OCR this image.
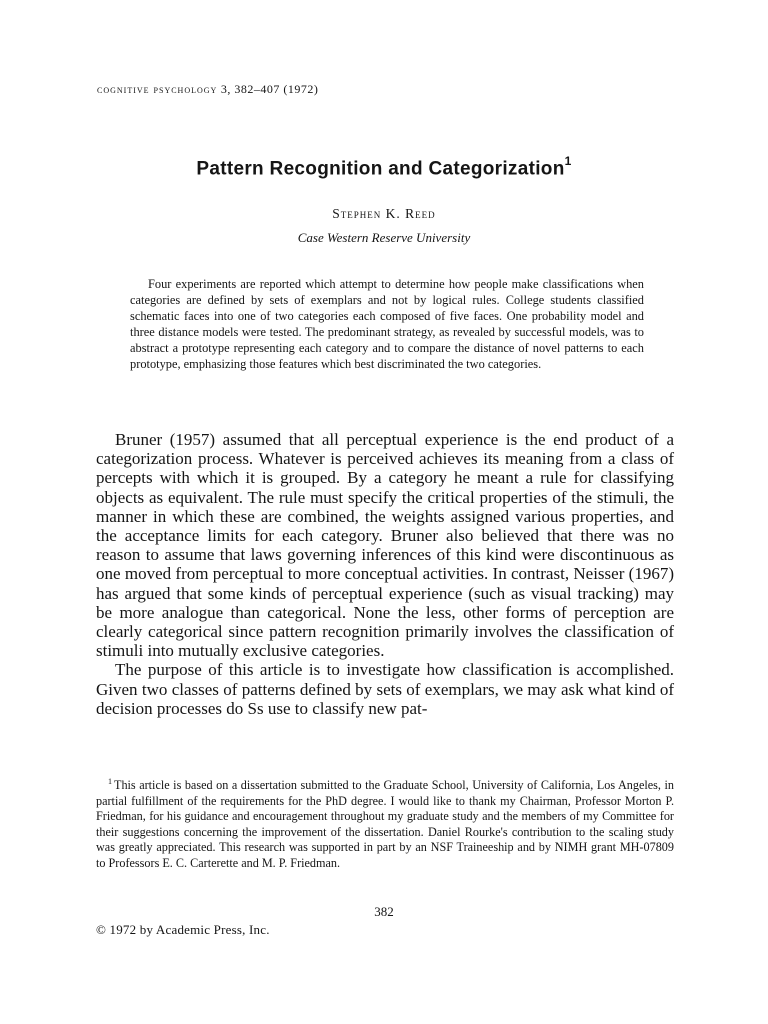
cognitive psychology 3, 382–407 (1972)
Pattern Recognition and Categorization$^1$
Stephen K. Reed
Case Western Reserve University

Four experiments are reported which attempt to determine how people make classifications when categories are defined by sets of exemplars and not by logical rules. College students classified schematic faces into one of two categories each composed of five faces. One probability model and three distance models were tested. The predominant strategy, as revealed by successful models, was to abstract a prototype representing each category and to compare the distance of novel patterns to each prototype, emphasizing those features which best discriminated the two categories.

Bruner (1957) assumed that all perceptual experience is the end product of a categorization process. Whatever is perceived achieves its meaning from a class of percepts with which it is grouped. By a category he meant a rule for classifying objects as equivalent. The rule must specify the critical properties of the stimuli, the manner in which these are combined, the weights assigned various properties, and the acceptance limits for each category. Bruner also believed that there was no reason to assume that laws governing inferences of this kind were discontinuous as one moved from perceptual to more conceptual activities. In contrast, Neisser (1967) has argued that some kinds of perceptual experience (such as visual tracking) may be more analogue than categorical. None the less, other forms of perception are clearly categorical since pattern recognition primarily involves the classification of stimuli into mutually exclusive categories.

The purpose of this article is to investigate how classification is accomplished. Given two classes of patterns defined by sets of exemplars, we may ask what kind of decision processes do Ss use to classify new pat-

$^1$ This article is based on a dissertation submitted to the Graduate School, University of California, Los Angeles, in partial fulfillment of the requirements for the PhD degree. I would like to thank my Chairman, Professor Morton P. Friedman, for his guidance and encouragement throughout my graduate study and the members of my Committee for their suggestions concerning the improvement of the dissertation. Daniel Rourke's contribution to the scaling study was greatly appreciated. This research was supported in part by an NSF Traineeship and by NIMH grant MH-07809 to Professors E. C. Carterette and M. P. Friedman.

382
© 1972 by Academic Press, Inc.
